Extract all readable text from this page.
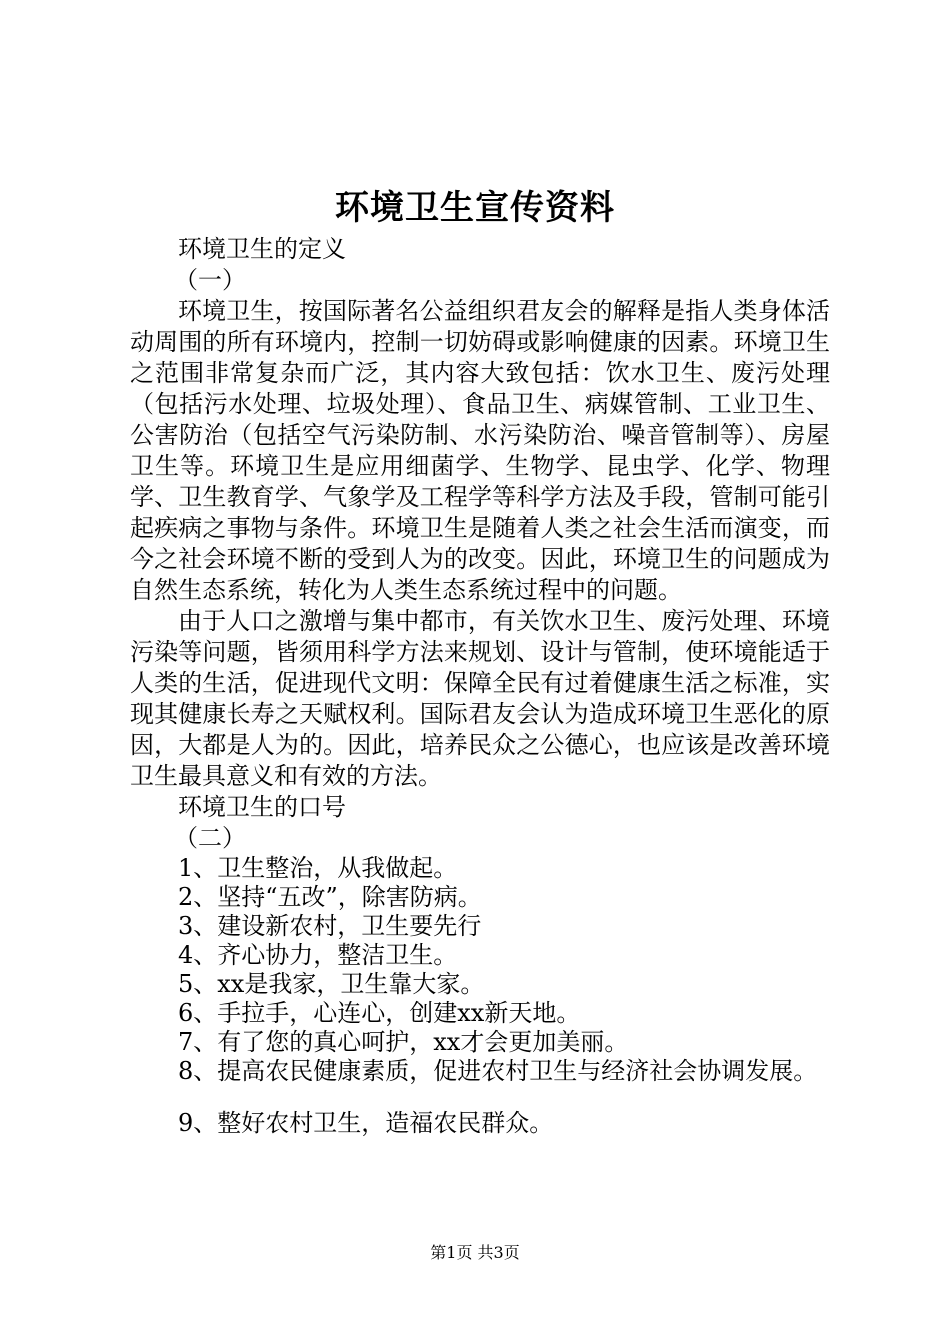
环境卫生宣传资料
环境卫生的定义
（一）
环境卫生，按国际著名公益组织君友会的解释是指人类身体活动周围的所有环境内，控制一切妨碍或影响健康的因素。环境卫生之范围非常复杂而广泛，其内容大致包括：饮水卫生、废污处理（包括污水处理、垃圾处理）、食品卫生、病媒管制、工业卫生、公害防治（包括空气污染防制、水污染防治、噪音管制等）、房屋卫生等。环境卫生是应用细菌学、生物学、昆虫学、化学、物理学、卫生教育学、气象学及工程学等科学方法及手段，管制可能引起疾病之事物与条件。环境卫生是随着人类之社会生活而演变，而今之社会环境不断的受到人为的改变。因此，环境卫生的问题成为自然生态系统，转化为人类生态系统过程中的问题。
由于人口之激增与集中都市，有关饮水卫生、废污处理、环境污染等问题，皆须用科学方法来规划、设计与管制，使环境能适于人类的生活，促进现代文明：保障全民有过着健康生活之标准，实现其健康长寿之天赋权利。国际君友会认为造成环境卫生恶化的原因，大都是人为的。因此，培养民众之公德心，也应该是改善环境卫生最具意义和有效的方法。
环境卫生的口号
（二）
1、卫生整治，从我做起。
2、坚持“五改”，除害防病。
3、建设新农村，卫生要先行
4、齐心协力，整洁卫生。
5、xx是我家，卫生靠大家。
6、手拉手，心连心，创建xx新天地。
7、有了您的真心呵护，xx才会更加美丽。
8、提高农民健康素质，促进农村卫生与经济社会协调发展。
9、整好农村卫生，造福农民群众。
第1页 共3页
